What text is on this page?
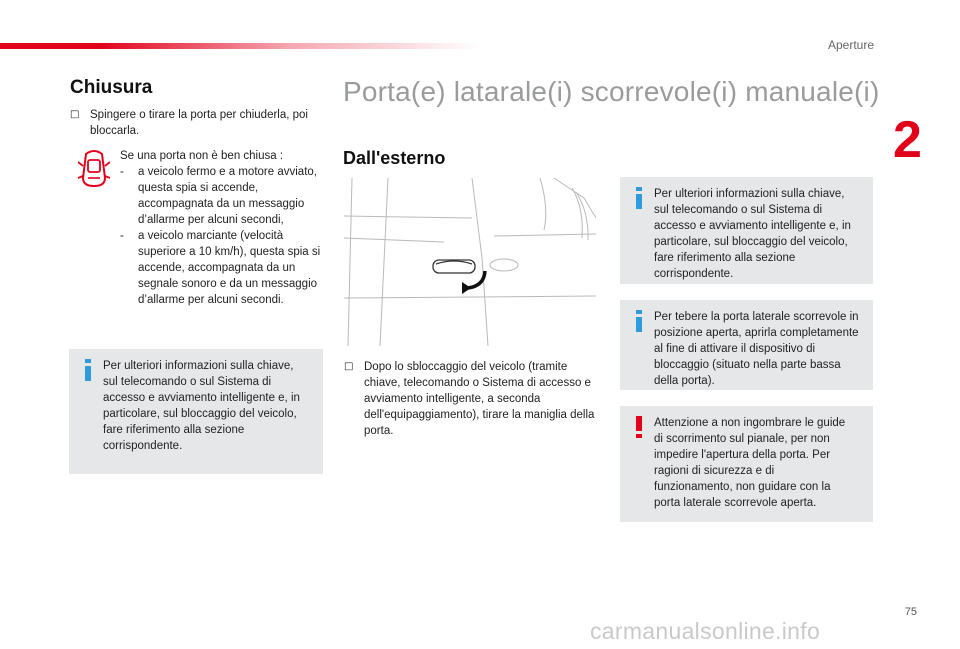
Aperture
2
Chiusura
□ Spingere o tirare la porta per chiuderla, poi bloccarla.
Se una porta non è ben chiusa :
- a veicolo fermo e a motore avviato, questa spia si accende, accompagnata da un messaggio d’allarme per alcuni secondi,
- a veicolo marciante (velocità superiore a 10 km/h), questa spia si accende, accompagnata da un segnale sonoro e da un messaggio d’allarme per alcuni secondi.
Per ulteriori informazioni sulla chiave, sul telecomando o sul Sistema di accesso e avviamento intelligente e, in particolare, sul bloccaggio del veicolo, fare riferimento alla sezione corrispondente.
Porta(e) latarale(i) scorrevole(i) manuale(i)
Dall'esterno
□ Dopo lo sbloccaggio del veicolo (tramite chiave, telecomando o Sistema di accesso e avviamento intelligente, a seconda dell'equipaggiamento), tirare la maniglia della porta.
Per ulteriori informazioni sulla chiave, sul telecomando o sul Sistema di accesso e avviamento intelligente e, in particolare, sul bloccaggio del veicolo, fare riferimento alla sezione corrispondente.
Per tebere la porta laterale scorrevole in posizione aperta, aprirla completamente al fine di attivare il dispositivo di bloccaggio (situato nella parte bassa della porta).
Attenzione a non ingombrare le guide di scorrimento sul pianale, per non impedire l'apertura della porta. Per ragioni di sicurezza e di funzionamento, non guidare con la porta laterale scorrevole aperta.
75
carmanualsonline.info
